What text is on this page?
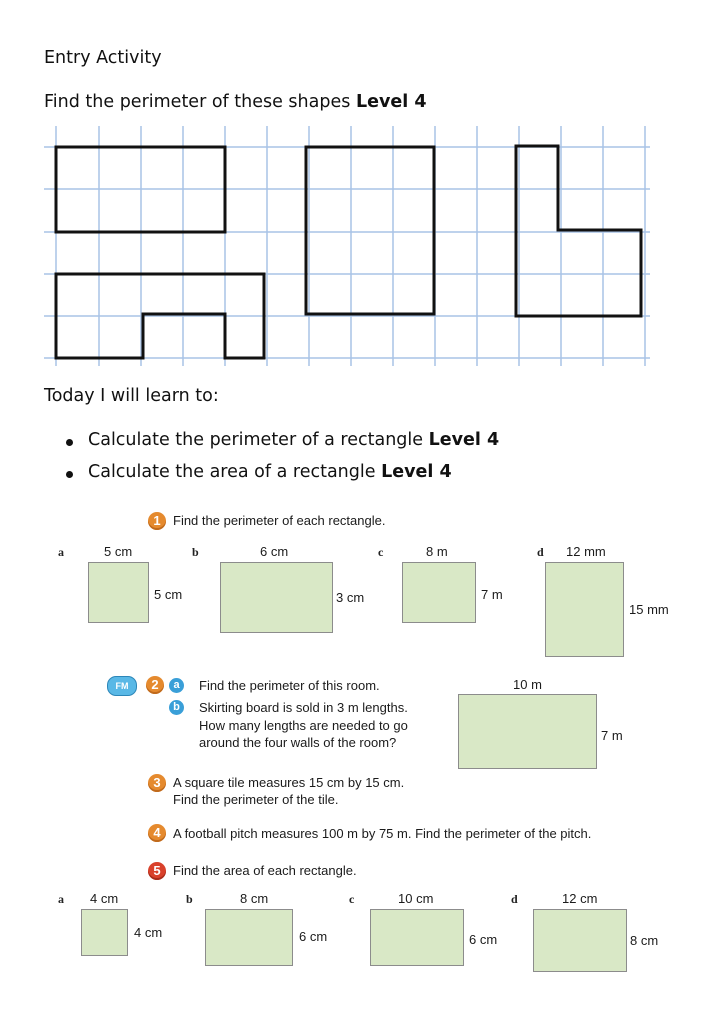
Entry Activity
Find the perimeter of these shapes Level 4
Today I will learn to:
Calculate the perimeter of a rectangle Level 4
Calculate the area of a rectangle Level 4
1 Find the perimeter of each rectangle.
a	5 cm
5 cm
b	6 cm
3 cm
c	8 m
7 m
d 12 mm
15 mm
FM	2	a	Find the perimeter of this room.
b	Skirting board is sold in 3 m lengths.
How many lengths are needed to go
around the four walls of the room?
10 m
7 m
3 A square tile measures 15 cm by 15 cm.
Find the perimeter of the tile.
4 A football pitch measures 100 m by 75 m. Find the perimeter of the pitch.
5 Find the area of each rectangle.
a 4 cm
4 cm
b	8 cm
6 cm
c	10 cm
6 cm
d	12 cm
8 cm
